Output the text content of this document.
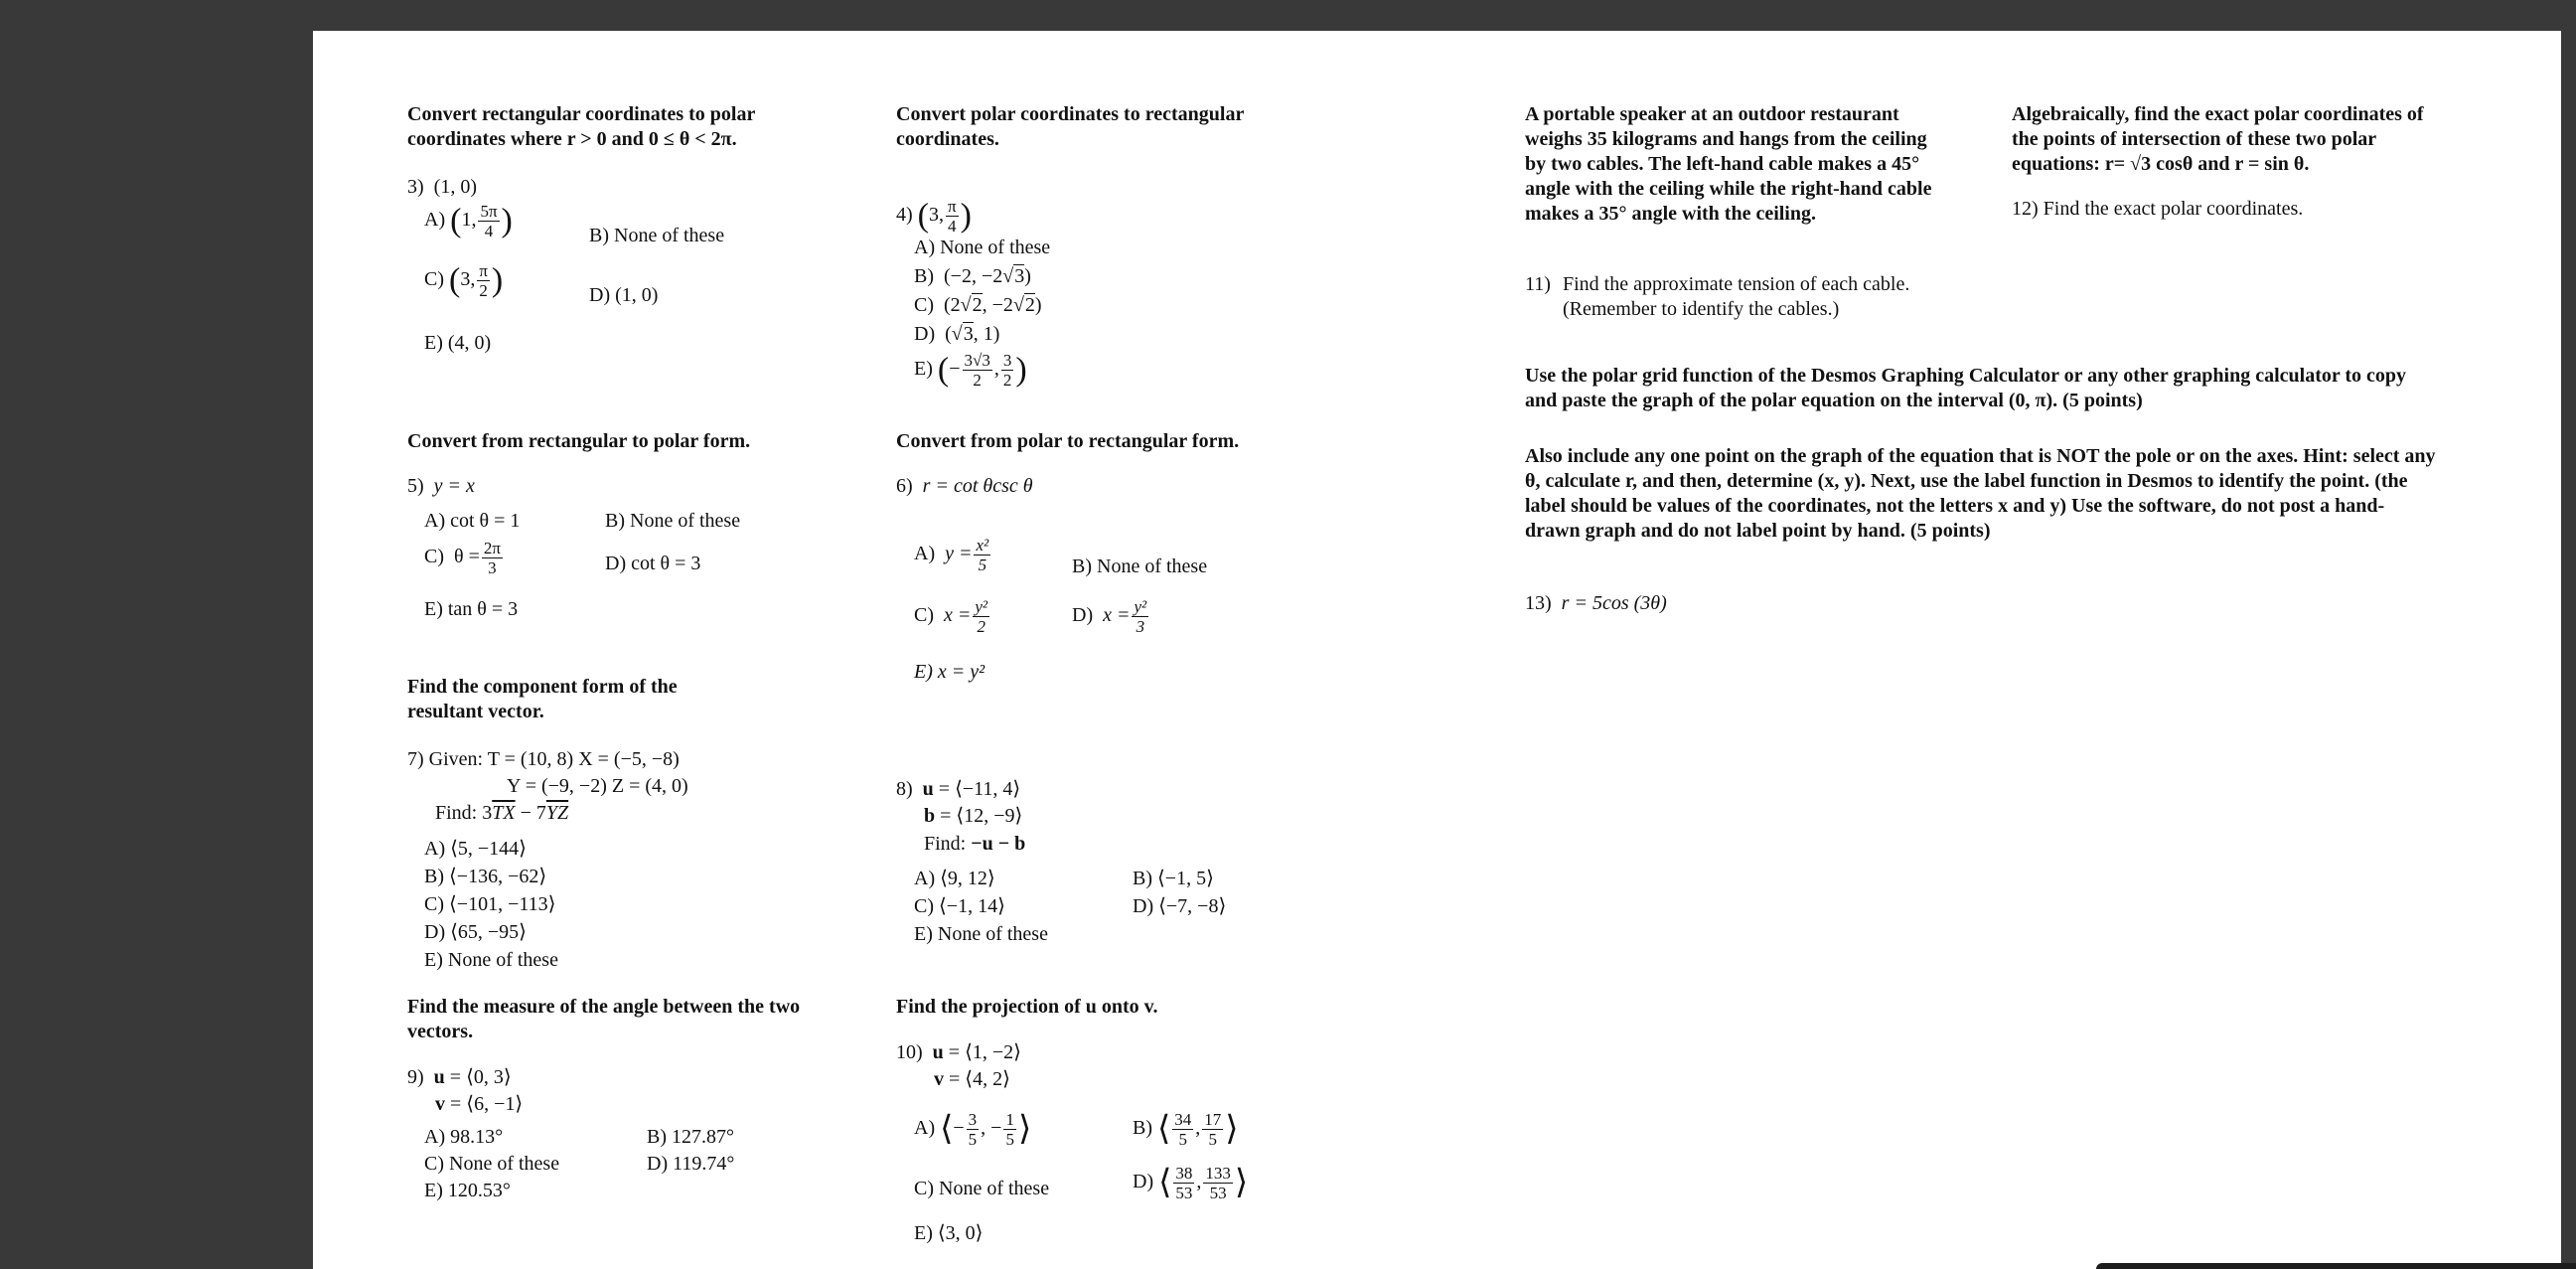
Convert rectangular coordinates to polar coordinates where r > 0 and 0 ≤ θ < 2π.
3) (1, 0)
A) (1, $\frac{5\pi}{4}$ )	B) None of these
C) (3, $\frac{\pi}{2}$ )	D) (1, 0)
E) (4, 0)
Convert from rectangular to polar form.
5) y = x
A) cot θ = 1	B) None of these
C) $\theta = \frac{2\pi}{3}$	D) cot θ = 3
E) tan θ = 3
Find the component form of the resultant vector.
7) Given: T = (10, 8) X = (−5, −8)
Y = (−9, −2) Z = (4, 0)
Find: $3\overline{TX} - 7\overline{YZ}$
A) ⟨5, −144⟩
B) ⟨−136, −62⟩
C) ⟨−101, −113⟩
D) ⟨65, −95⟩
E) None of these
Find the measure of the angle between the two vectors.
9) u = ⟨0, 3⟩
v = ⟨6, −1⟩
A) 98.13°	B) 127.87°
C) None of these	D) 119.74°
E) 120.53°
Convert polar coordinates to rectangular coordinates.
4) (3, $\frac{\pi}{4}$ )
A) None of these
B) (−2, −2√3)
C) (2√2, −2√2)
D) (√3, 1)
E) (− $\frac{3√3}{2}$ , $\frac{3}{2}$ )
Convert from polar to rectangular form.
6) r = cot θcsc θ
A) $y = \frac{\text{x²}}{5}$	B) None of these
C) $x = \frac{\text{y²}}{2}$	D) $x = \frac{\text{y²}}{3}$
E) x = y²
8) u = ⟨−11, 4⟩
b = ⟨12, −9⟩
Find: −u − b
A) ⟨9, 12⟩	B) ⟨−1, 5⟩
C) ⟨−1, 14⟩	D) ⟨−7, −8⟩
E) None of these
Find the projection of u onto v.
10) u = ⟨1, −2⟩
v = ⟨4, 2⟩
A) ⟨− $\frac{3}{5}$ , − $\frac{1}{5}$ ⟩	B) ⟨ $\frac{34}{5}$ , $\frac{17}{5}$ ⟩
C) None of these	D) ⟨ $\frac{38}{53}$ , $\frac{133}{53}$ ⟩
E) ⟨3, 0⟩
A portable speaker at an outdoor restaurant weighs 35 kilograms and hangs from the ceiling by two cables. The left-hand cable makes a 45° angle with the ceiling while the right-hand cable makes a 35° angle with the ceiling.
11) Find the approximate tension of each cable. (Remember to identify the cables.)
Use the polar grid function of the Desmos Graphing Calculator or any other graphing calculator to copy and paste the graph of the polar equation on the interval (0, π). (5 points)
Also include any one point on the graph of the equation that is NOT the pole or on the axes. Hint: select any θ, calculate r, and then, determine (x, y). Next, use the label function in Desmos to identify the point. (the label should be values of the coordinates, not the letters x and y) Use the software, do not post a hand-drawn graph and do not label point by hand. (5 points)
13) r = 5cos (3θ)
Algebraically, find the exact polar coordinates of the points of intersection of these two polar equations: r= √3 cosθ and r = sin θ.
12) Find the exact polar coordinates.
